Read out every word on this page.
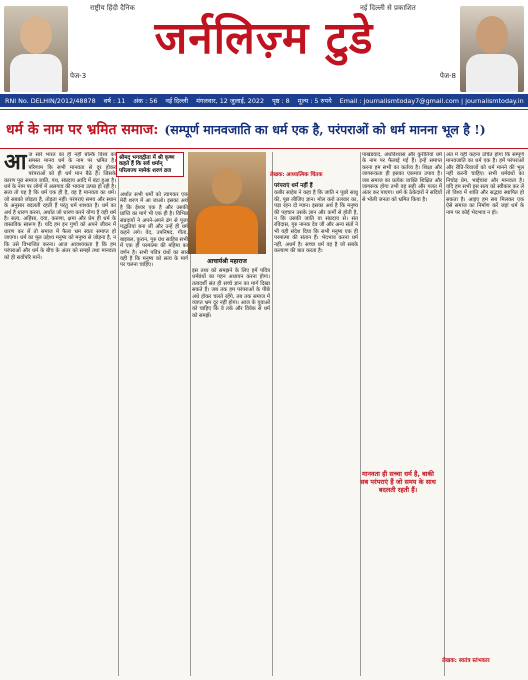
राष्ट्रीय हिंदी दैनिक	नई दिल्ली से प्रकाशित
जर्नलिज़्म टुडे
पेज-3	पेज-8
RNI No. DELHIN/2012/48878 वर्ष : 11 अंक : 56 नई दिल्ली मंगलवार, 12 जुलाई, 2022 पृष्ठ : 8 मूल्य : 5 रुपये Email : journalismtoday7@gmail.com | journalismtoday.in
धर्म के नाम पर भ्रमित समाज: (सम्पूर्ण मानवजाति का धर्म एक है, परंपराओं को धर्म मानना भूल है !)
आ ज सारे भारत का ही नहीं बल्कि विश्व का समस्त मानव धर्म के नाम पर भ्रमित है। परिणाम कि सभी मानवता से दूर होकर परंपराओं को ही धर्म मान बैठे हैं। जिसके कारण पूरा समाज जाति, पंथ, संप्रदाय आदि में बंटा हुआ है। धर्म के नाम पर लोगों में अलगाव की भावना उत्पन्न हो रही है। सत्य तो यह है कि धर्म एक ही है, वह है मानवता का धर्म। जो सबको जोड़ता है, तोड़ता नहीं। परंपराएं समय और स्थान के अनुसार बदलती रहती हैं परंतु धर्म शाश्वत है। धर्म का अर्थ है धारण करना, अर्थात जो धारण करने योग्य है वही धर्म है। सत्य, अहिंसा, दया, करुणा, क्षमा और प्रेम ही धर्म के वास्तविक स्वरूप हैं। यदि हम इन गुणों को अपने जीवन में धारण कर लें तो समाज में फैला भ्रम स्वतः समाप्त हो जाएगा। धर्म का मूल उद्देश्य मनुष्य को मनुष्य से जोड़ना है, न कि उसे विभाजित करना। आज आवश्यकता है कि हम परंपराओं और धर्म के बीच के अंतर को समझें तथा मानवता को ही सर्वोपरि मानें।
अर्थात सभी धर्मों को त्यागकर एक मेरी शरण में आ जाओ। इसका अर्थ है कि ईश्वर एक है और उसकी प्राप्ति का मार्ग भी एक ही है। विभिन्न संप्रदायों ने अपने-अपने ढंग से पूजा पद्धतियां बना लीं और उन्हें ही धर्म कहने लगे। वेद, उपनिषद, गीता, बाइबल, कुरान, गुरु ग्रंथ साहिब सभी में एक ही परमात्मा की महिमा का वर्णन है। सभी पवित्र ग्रंथों का सार यही है कि मनुष्य को सत्य के मार्ग पर चलना चाहिए।
इस तथ्य को समझने के लिए हमें पवित्र धर्मग्रंथों का गहन अध्ययन करना होगा। तत्वदर्शी संत ही सच्चे ज्ञान का मार्ग दिखा सकते हैं। जब तक हम परंपराओं के पीछे अंधे होकर चलते रहेंगे, तब तक समाज में व्याप्त भ्रम दूर नहीं होगा। आज के युवाओं को चाहिए कि वे तर्क और विवेक से धर्म को समझें।
परंपराएं धर्म नहीं हैं
कबीर साहेब ने कहा है कि जाति न पूछो साधु की, पूछ लीजिए ज्ञान। मोल करो तलवार का, पड़ा रहन दो म्यान। इसका अर्थ है कि मनुष्य की पहचान उसके ज्ञान और कर्मों से होती है, न कि उसकी जाति या संप्रदाय से। संत रविदास, गुरु नानक देव जी और अन्य संतों ने भी यही संदेश दिया कि सभी मनुष्य एक ही परमात्मा की संतान हैं। भेदभाव करना धर्म नहीं, अधर्म है। सच्चा धर्म वह है जो सबके कल्याण की बात करता है।
पाखंडवाद, अंधविश्वास और कुरीतियां धर्म के नाम पर फैलाई गई हैं। इन्हें समाप्त करना हम सभी का कर्तव्य है। शिक्षा और जागरूकता ही इसका एकमात्र उपाय है। जब समाज का प्रत्येक व्यक्ति शिक्षित और जागरूक होगा तभी वह सही और गलत में अंतर कर पाएगा। धर्म के ठेकेदारों ने सदियों से भोली जनता को भ्रमित किया है।
अंत में यही कहना उचित होगा कि सम्पूर्ण मानवजाति का धर्म एक है। हमें परंपराओं और रीति-रिवाजों को धर्म मानने की भूल नहीं करनी चाहिए। सभी धर्मग्रंथों का निचोड़ प्रेम, भाईचारा और मानवता है। यदि हम सभी इस सत्य को स्वीकार कर लें तो विश्व में शांति और सद्भाव स्थापित हो सकता है। आइए हम सब मिलकर एक ऐसे समाज का निर्माण करें जहां धर्म के नाम पर कोई भेदभाव न हो।
श्रीमद् भगवद्गीता में श्री कृष्ण कहते हैं कि सर्व धर्मान् परित्यज्य मामेकं शरणं व्रज
आचार्यश्री महाराज
लेखक: आध्यात्मिक चिंतक
मानवता ही सच्चा धर्म है, बाकी सब परंपराएं हैं जो समय के साथ बदलती रहती हैं।
लेखक: स्वतंत्र स्तंभकार
